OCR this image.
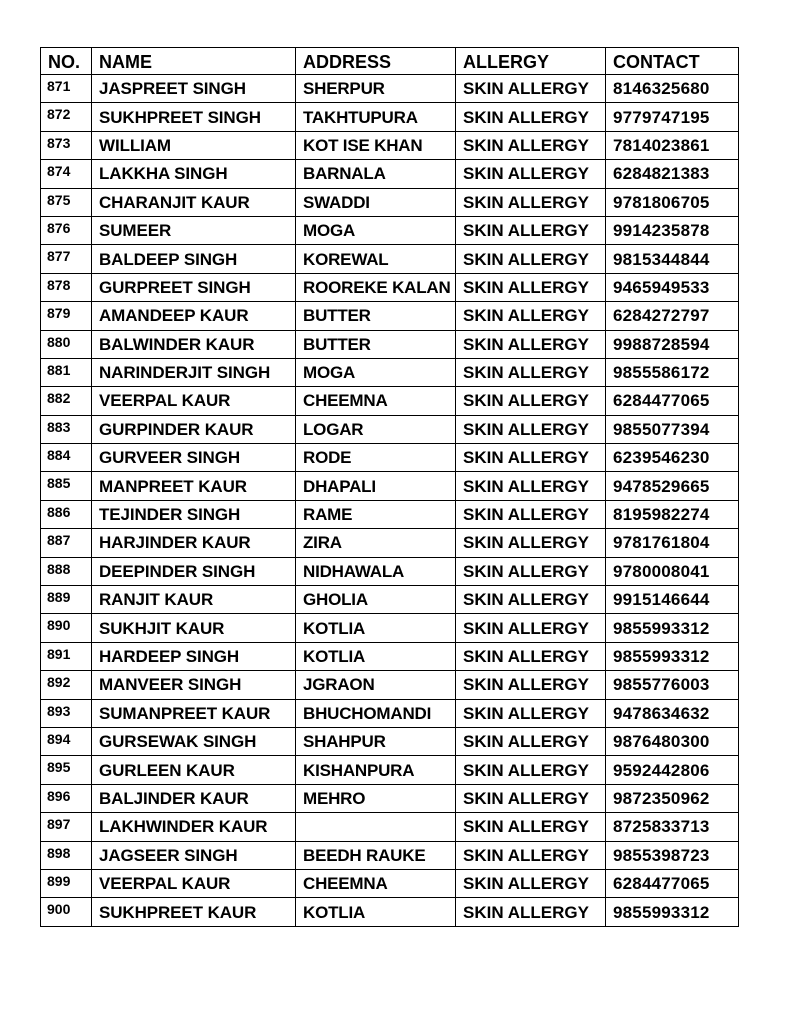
NO.	NAME	ADDRESS	ALLERGY	CONTACT
871	JASPREET SINGH	SHERPUR	SKIN ALLERGY	8146325680
872	SUKHPREET SINGH	TAKHTUPURA	SKIN ALLERGY	9779747195
873	WILLIAM	KOT ISE KHAN	SKIN ALLERGY	7814023861
874	LAKKHA SINGH	BARNALA	SKIN ALLERGY	6284821383
875	CHARANJIT KAUR	SWADDI	SKIN ALLERGY	9781806705
876	SUMEER	MOGA	SKIN ALLERGY	9914235878
877	BALDEEP SINGH	KOREWAL	SKIN ALLERGY	9815344844
878	GURPREET SINGH	ROOREKE KALAN	SKIN ALLERGY	9465949533
879	AMANDEEP KAUR	BUTTER	SKIN ALLERGY	6284272797
880	BALWINDER KAUR	BUTTER	SKIN ALLERGY	9988728594
881	NARINDERJIT SINGH	MOGA	SKIN ALLERGY	9855586172
882	VEERPAL KAUR	CHEEMNA	SKIN ALLERGY	6284477065
883	GURPINDER KAUR	LOGAR	SKIN ALLERGY	9855077394
884	GURVEER SINGH	RODE	SKIN ALLERGY	6239546230
885	MANPREET KAUR	DHAPALI	SKIN ALLERGY	9478529665
886	TEJINDER SINGH	RAME	SKIN ALLERGY	8195982274
887	HARJINDER KAUR	ZIRA	SKIN ALLERGY	9781761804
888	DEEPINDER SINGH	NIDHAWALA	SKIN ALLERGY	9780008041
889	RANJIT KAUR	GHOLIA	SKIN ALLERGY	9915146644
890	SUKHJIT KAUR	KOTLIA	SKIN ALLERGY	9855993312
891	HARDEEP SINGH	KOTLIA	SKIN ALLERGY	9855993312
892	MANVEER SINGH	JGRAON	SKIN ALLERGY	9855776003
893	SUMANPREET KAUR	BHUCHOMANDI	SKIN ALLERGY	9478634632
894	GURSEWAK SINGH	SHAHPUR	SKIN ALLERGY	9876480300
895	GURLEEN KAUR	KISHANPURA	SKIN ALLERGY	9592442806
896	BALJINDER KAUR	MEHRO	SKIN ALLERGY	9872350962
897	LAKHWINDER KAUR		SKIN ALLERGY	8725833713
898	JAGSEER SINGH	BEEDH RAUKE	SKIN ALLERGY	9855398723
899	VEERPAL KAUR	CHEEMNA	SKIN ALLERGY	6284477065
900	SUKHPREET KAUR	KOTLIA	SKIN ALLERGY	9855993312
